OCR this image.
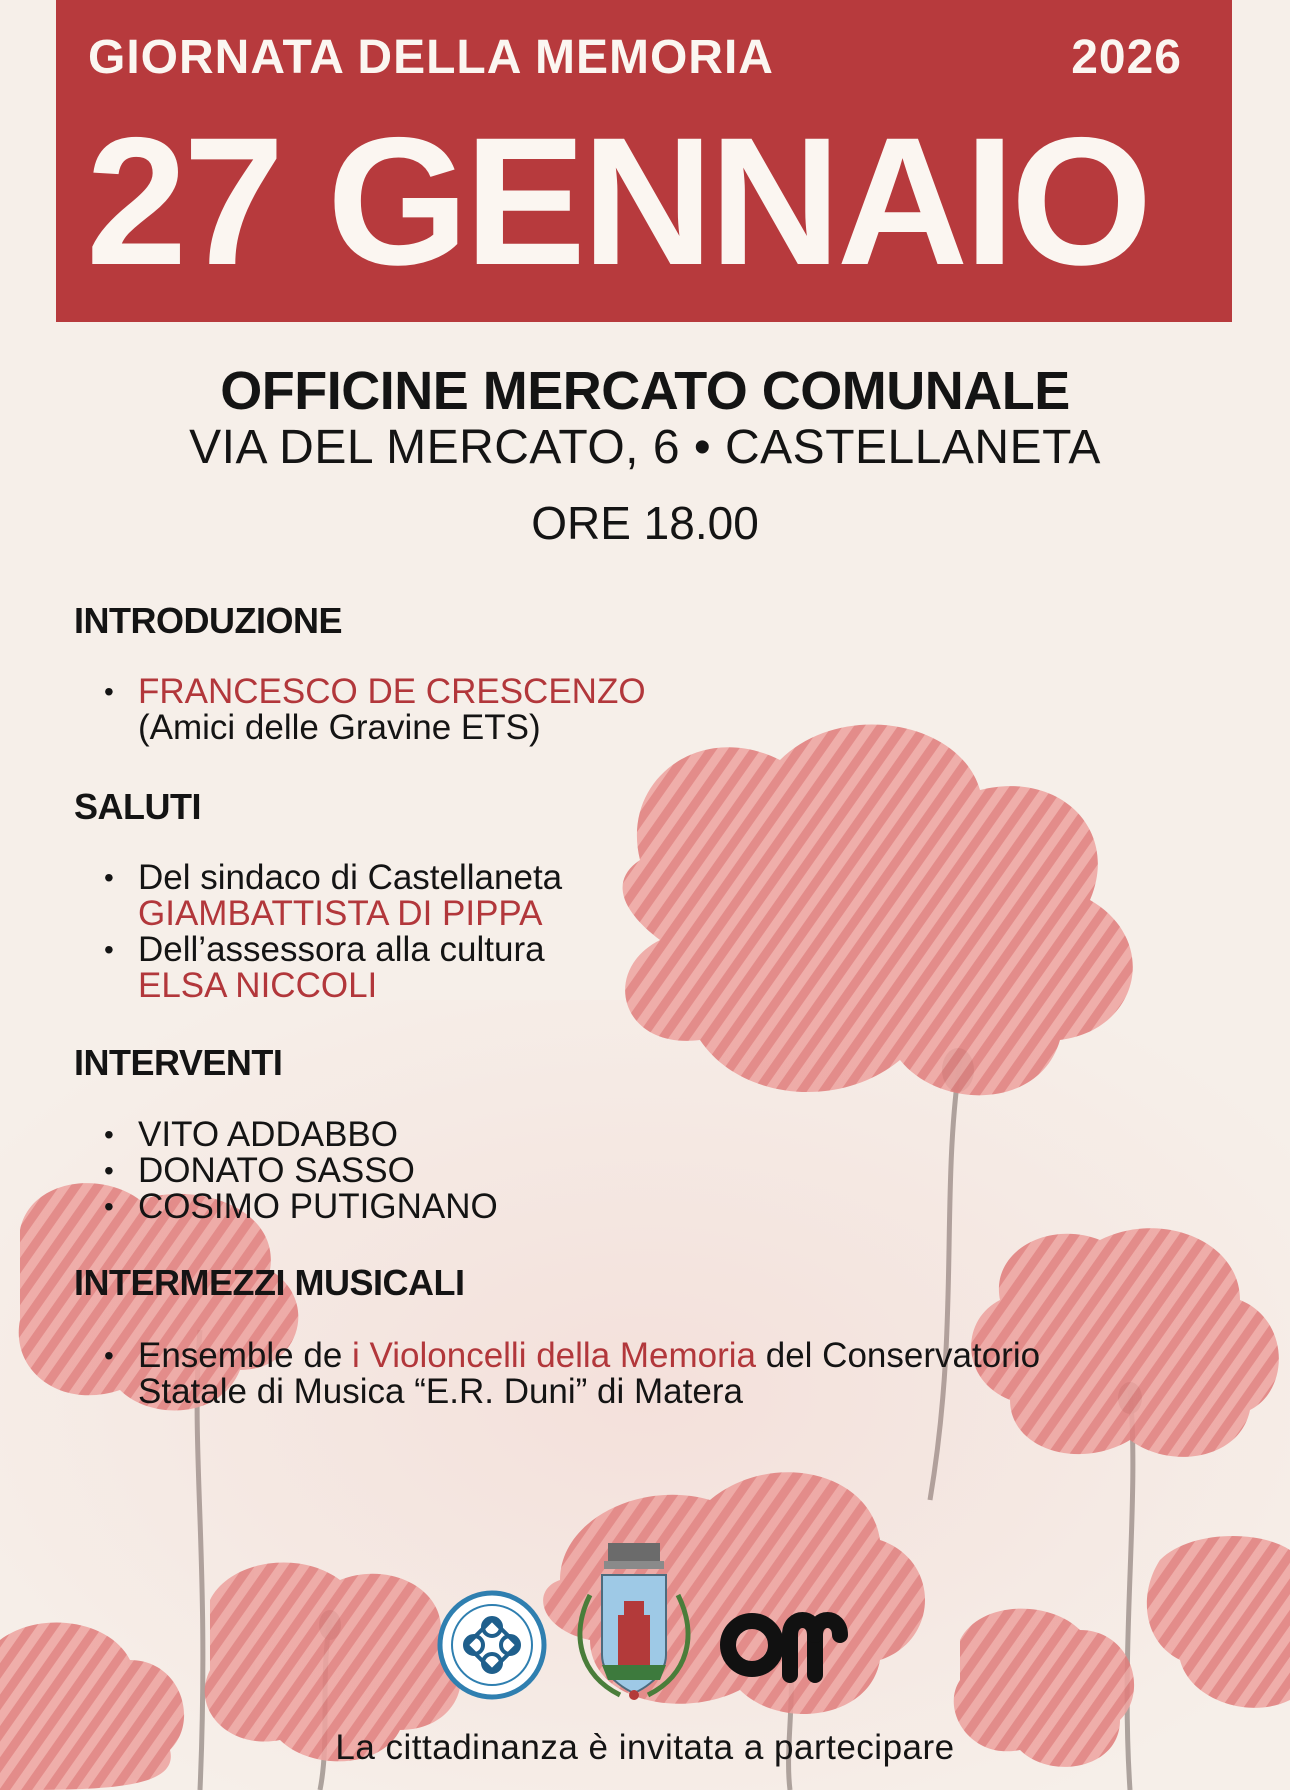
GIORNATA DELLA MEMORIA	2026
27 GENNAIO
OFFICINE MERCATO COMUNALE
VIA DEL MERCATO, 6 • CASTELLANETA
ORE 18.00
INTRODUZIONE
• FRANCESCO DE CRESCENZO
(Amici delle Gravine ETS)
SALUTI
• Del sindaco di Castellaneta
GIAMBATTISTA DI PIPPA
• Dell’assessora alla cultura
ELSA NICCOLI
INTERVENTI
• VITO ADDABBO
• DONATO SASSO
• COSIMO PUTIGNANO
INTERMEZZI MUSICALI
• Ensemble de i Violoncelli della Memoria del Conservatorio
Statale di Musica “E.R. Duni” di Matera
La cittadinanza è invitata a partecipare
